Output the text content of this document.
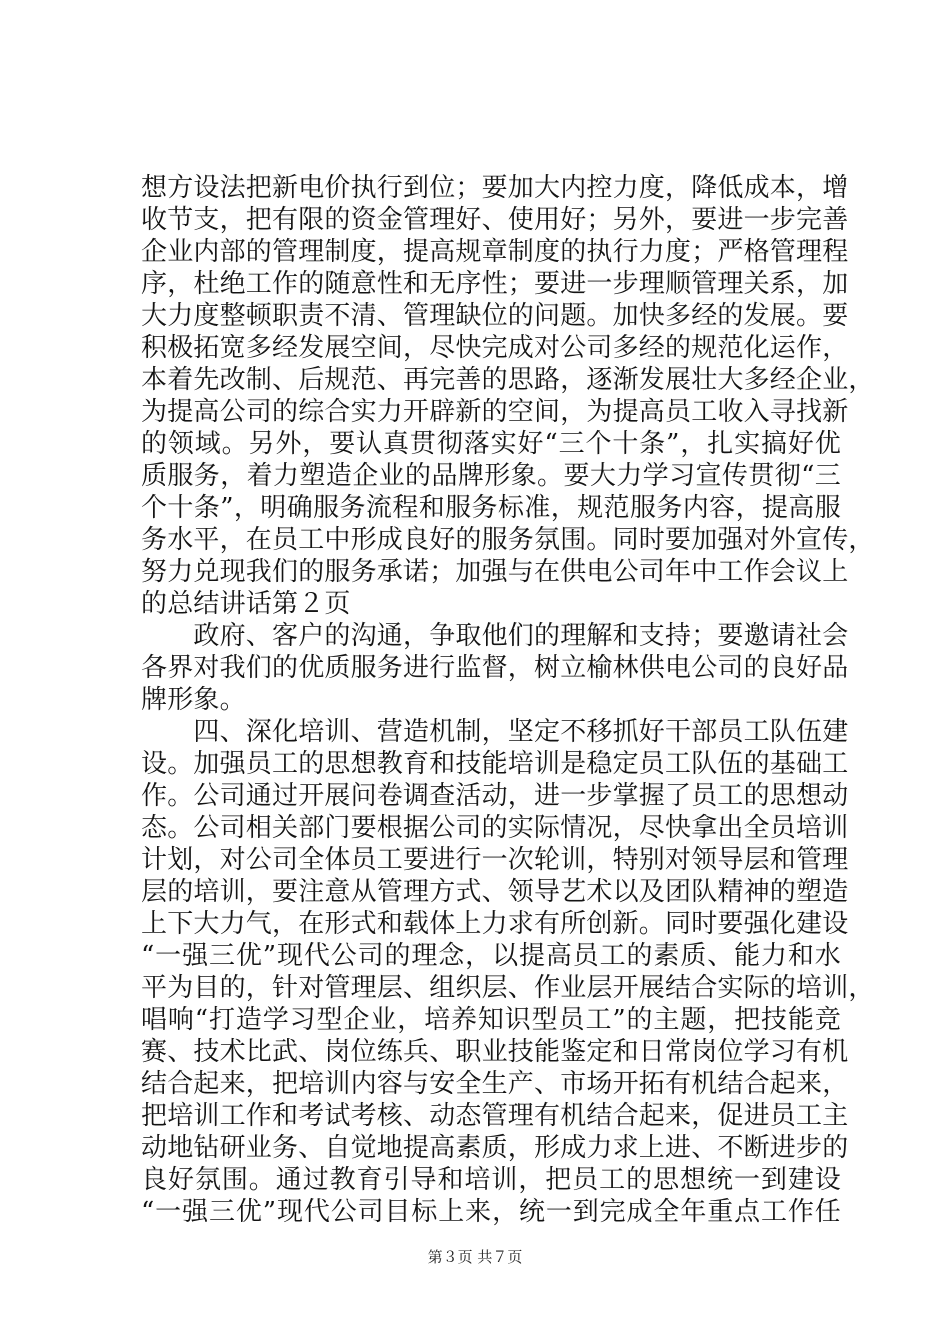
想方设法把新电价执行到位；要加大内控力度，降低成本，增
收节支，把有限的资金管理好、使用好；另外，要进一步完善
企业内部的管理制度，提高规章制度的执行力度；严格管理程
序，杜绝工作的随意性和无序性；要进一步理顺管理关系，加
大力度整顿职责不清、管理缺位的问题。加快多经的发展。要
积极拓宽多经发展空间，尽快完成对公司多经的规范化运作，
本着先改制、后规范、再完善的思路，逐渐发展壮大多经企业，
为提高公司的综合实力开辟新的空间，为提高员工收入寻找新
的领域。另外，要认真贯彻落实好“三个十条”，扎实搞好优
质服务，着力塑造企业的品牌形象。要大力学习宣传贯彻“三
个十条”，明确服务流程和服务标准，规范服务内容，提高服
务水平，在员工中形成良好的服务氛围。同时要加强对外宣传，
努力兑现我们的服务承诺；加强与在供电公司年中工作会议上
的总结讲话第２页
　　政府、客户的沟通，争取他们的理解和支持；要邀请社会
各界对我们的优质服务进行监督，树立榆林供电公司的良好品
牌形象。
　　四、深化培训、营造机制，坚定不移抓好干部员工队伍建
设。加强员工的思想教育和技能培训是稳定员工队伍的基础工
作。公司通过开展问卷调查活动，进一步掌握了员工的思想动
态。公司相关部门要根据公司的实际情况，尽快拿出全员培训
计划，对公司全体员工要进行一次轮训，特别对领导层和管理
层的培训，要注意从管理方式、领导艺术以及团队精神的塑造
上下大力气，在形式和载体上力求有所创新。同时要强化建设
“一强三优”现代公司的理念，以提高员工的素质、能力和水
平为目的，针对管理层、组织层、作业层开展结合实际的培训，
唱响“打造学习型企业，培养知识型员工”的主题，把技能竞
赛、技术比武、岗位练兵、职业技能鉴定和日常岗位学习有机
结合起来，把培训内容与安全生产、市场开拓有机结合起来，
把培训工作和考试考核、动态管理有机结合起来，促进员工主
动地钻研业务、自觉地提高素质，形成力求上进、不断进步的
良好氛围。通过教育引导和培训，把员工的思想统一到建设
“一强三优”现代公司目标上来，统一到完成全年重点工作任
第３页 共７页
